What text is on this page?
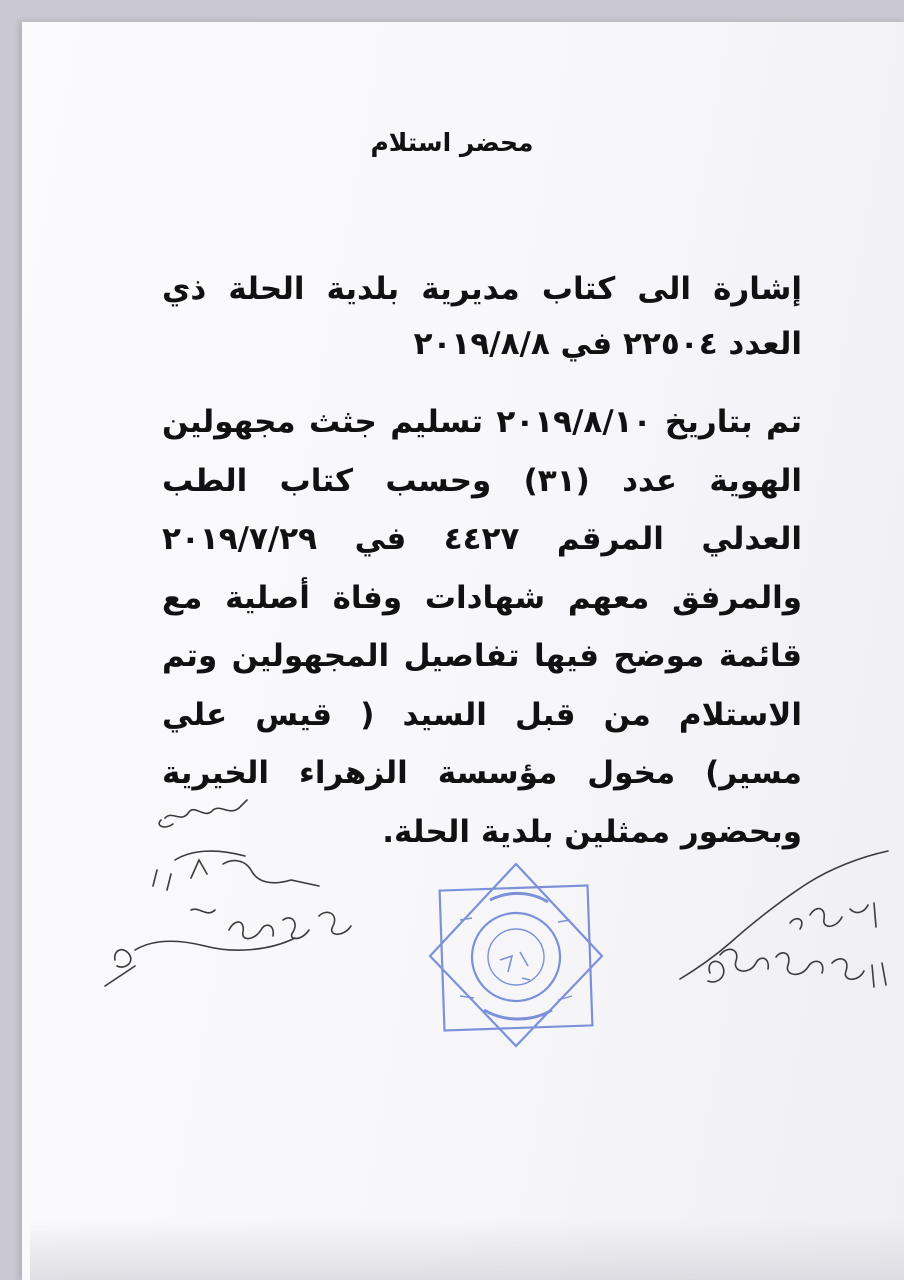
محضر استلام
إشارة الى كتاب مديرية بلدية الحلة ذي العدد ٢٢٥٠٤ في ٢٠١٩/٨/٨
تم بتاريخ ٢٠١٩/٨/١٠ تسليم جثث مجهولين الهوية عدد (٣١) وحسب كتاب الطب العدلي المرقم ٤٤٢٧ في ٢٠١٩/٧/٢٩ والمرفق معهم شهادات وفاة أصلية مع قائمة موضح فيها تفاصيل المجهولين وتم الاستلام من قبل السيد ( قيس علي مسير) مخول مؤسسة الزهراء الخيرية وبحضور ممثلين بلدية الحلة.
